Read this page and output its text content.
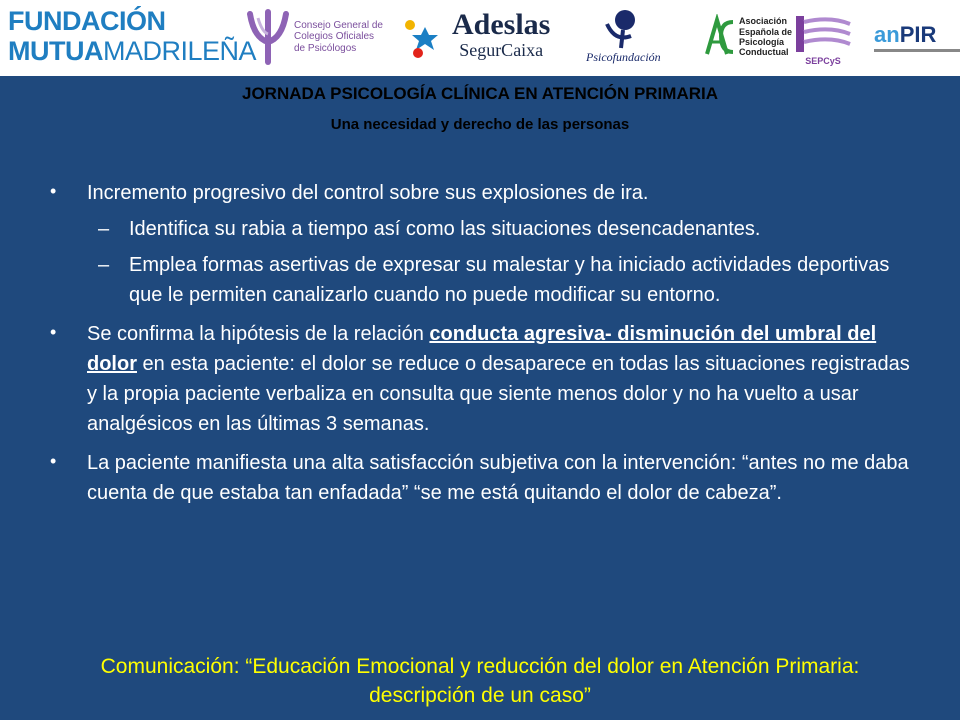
FUNDACIÓN
MUTUAMADRILEÑA
Consejo General de
Colegios Oficiales
de Psicólogos
Adeslas
SegurCaixa	Psicofundación
Asociación
Española de
Psicología
Conductual
SEPCyS
anPIR
JORNADA PSICOLOGÍA CLÍNICA EN ATENCIÓN PRIMARIA
Una necesidad y derecho de las personas

• Incremento progresivo del control sobre sus explosiones de ira.

– Identifica su rabia a tiempo así como las situaciones desencadenantes.

– Emplea formas asertivas de expresar su malestar y ha iniciado actividades deportivas que le permiten canalizarlo cuando no puede modificar su entorno.

• Se confirma la hipótesis de la relación conducta agresiva- disminución del umbral del dolor en esta paciente: el dolor se reduce o desaparece en todas las situaciones registradas y la propia paciente verbaliza en consulta que siente menos dolor y no ha vuelto a usar analgésicos en las últimas 3 semanas.

• La paciente manifiesta una alta satisfacción subjetiva con la intervención: “antes no me daba cuenta de que estaba tan enfadada” “se me está quitando el dolor de cabeza”.

Comunicación: “Educación Emocional y reducción del dolor en Atención Primaria:
descripción de un caso”
